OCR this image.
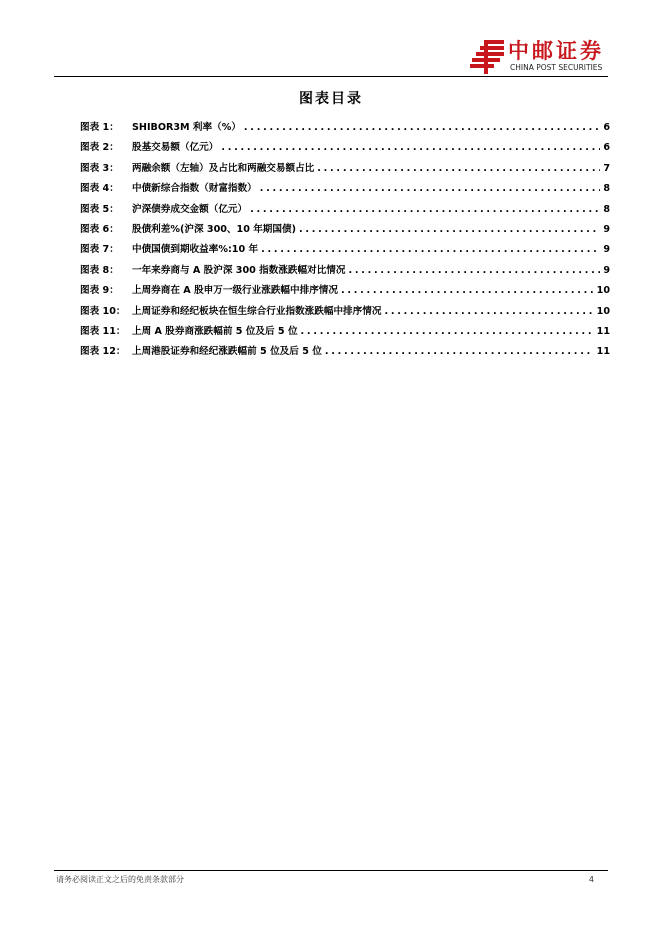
中邮证券
CHINA POST SECURITIES
图表目录
图表 1：	SHIBOR3M 利率（%） . . .	6
图表 2：	股基交易额（亿元） . . .	6
图表 3：	两融余额（左轴）及占比和两融交易额占比 . . .	7
图表 4：	中债新综合指数（财富指数） . . .	8
图表 5：	沪深债券成交金额（亿元） . . .	8
图表 6：	股债利差%(沪深 300、10 年期国债) . . .	9
图表 7：	中债国债到期收益率%:10 年 . . .	9
图表 8：	一年来券商与 A 股沪深 300 指数涨跌幅对比情况 . . .	9
图表 9：	上周券商在 A 股申万一级行业涨跌幅中排序情况 . . .	10
图表 10： 上周证券和经纪板块在恒生综合行业指数涨跌幅中排序情况 . . .	10
图表 11： 上周 A 股券商涨跌幅前 5 位及后 5 位 . . .	11
图表 12： 上周港股证券和经纪涨跌幅前 5 位及后 5 位 . . .	11
请务必阅读正文之后的免责条款部分	4
